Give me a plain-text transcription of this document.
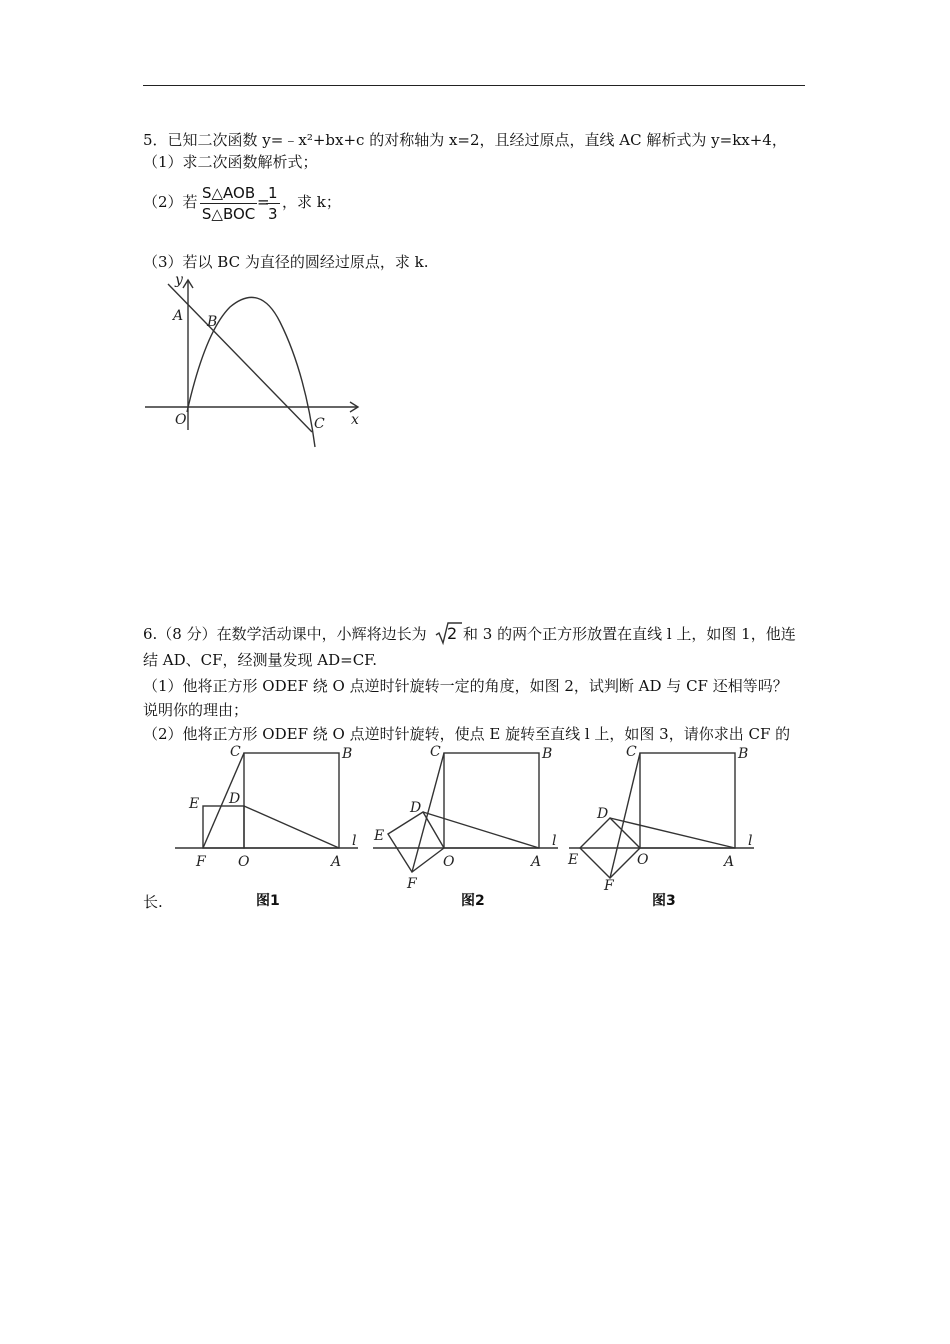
5．已知二次函数 y=﹣x²+bx+c 的对称轴为 x=2，且经过原点，直线 AC 解析式为 y=kx+4，
（1）求二次函数解析式；
（2）若 S△AOB
S△BOC
=
$\frac{1}{3}$ ，求 k；
（3）若以 BC 为直径的圆经过原点，求 k.
y
x
A B
O	C
6.（8 分）在数学活动课中，小辉将边长为 2 和 3 的两个正方形放置在直线 l 上，如图 1，他连
结 AD、CF，经测量发现 AD=CF.
（1）他将正方形 ODEF 绕 O 点逆时针旋转一定的角度，如图 2，试判断 AD 与 CF 还相等吗？
说明你的理由；
（2）他将正方形 ODEF 绕 O 点逆时针旋转，使点 E 旋转至直线 l 上，如图 3，请你求出 CF 的
长.
C	B
E D
l
F O	A
图1
C	B
D
E	l
O	A
F
图2
C	B
D
E
l
O	A
F
图3
